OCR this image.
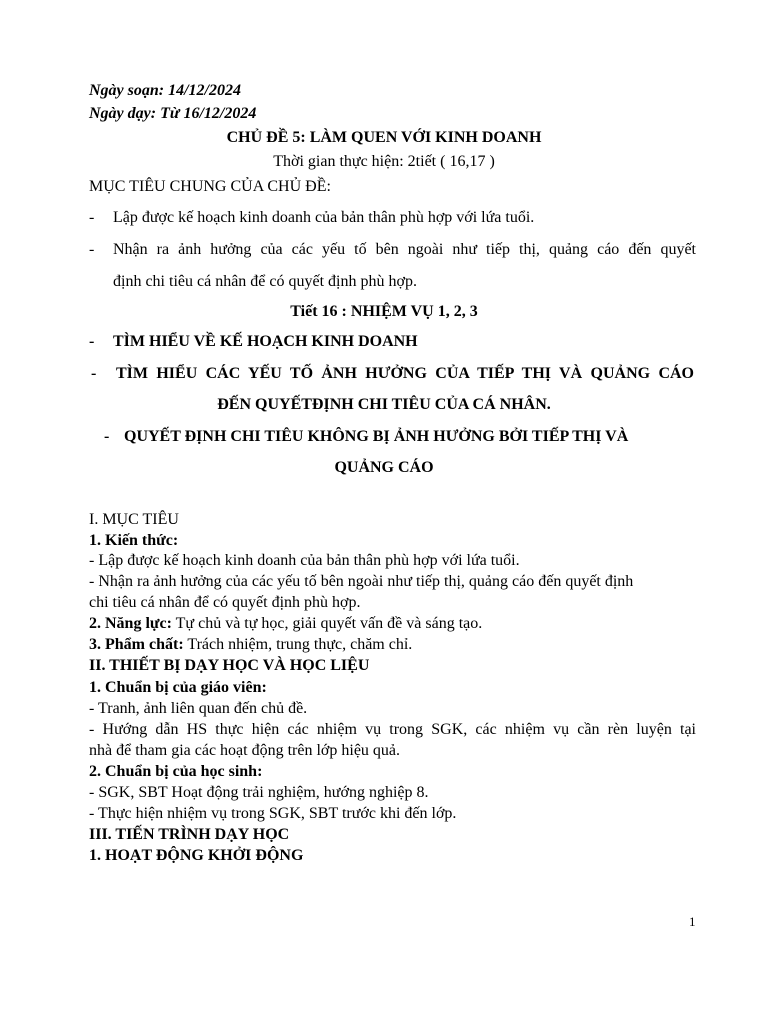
Ngày soạn: 14/12/2024
Ngày dạy: Từ 16/12/2024
CHỦ ĐỀ 5: LÀM QUEN VỚI KINH DOANH
Thời gian thực hiện: 2tiết ( 16,17 )
MỤC TIÊU CHUNG CỦA CHỦ ĐỀ:
- Lập được kế hoạch kinh doanh của bản thân phù hợp với lứa tuổi.
- Nhận ra ảnh hưởng của các yếu tố bên ngoài như tiếp thị, quảng cáo đến quyết
định chi tiêu cá nhân để có quyết định phù hợp.
Tiết 16 : NHIỆM VỤ 1, 2, 3
- TÌM HIỂU VỀ KẾ HOẠCH KINH DOANH
- TÌM HIỂU CÁC YẾU TỐ ẢNH HƯỞNG CỦA TIẾP THỊ VÀ QUẢNG CÁO
ĐẾN QUYẾTĐỊNH CHI TIÊU CỦA CÁ NHÂN.
- QUYẾT ĐỊNH CHI TIÊU KHÔNG BỊ ẢNH HƯỞNG BỞI TIẾP THỊ VÀ
QUẢNG CÁO
I. MỤC TIÊU
1. Kiến thức:
- Lập được kế hoạch kinh doanh của bản thân phù hợp với lứa tuổi.
- Nhận ra ảnh hưởng của các yếu tố bên ngoài như tiếp thị, quảng cáo đến quyết định
chi tiêu cá nhân để có quyết định phù hợp.
2. Năng lực: Tự chủ và tự học, giải quyết vấn đề và sáng tạo.
3. Phẩm chất: Trách nhiệm, trung thực, chăm chỉ.
II. THIẾT BỊ DẠY HỌC VÀ HỌC LIỆU
1. Chuẩn bị của giáo viên:
- Tranh, ảnh liên quan đến chủ đề.
- Hướng dẫn HS thực hiện các nhiệm vụ trong SGK, các nhiệm vụ cần rèn luyện tại
nhà để tham gia các hoạt động trên lớp hiệu quả.
2. Chuẩn bị của học sinh:
- SGK, SBT Hoạt động trải nghiệm, hướng nghiệp 8.
- Thực hiện nhiệm vụ trong SGK, SBT trước khi đến lớp.
III. TIẾN TRÌNH DẠY HỌC
1. HOẠT ĐỘNG KHỞI ĐỘNG
1
